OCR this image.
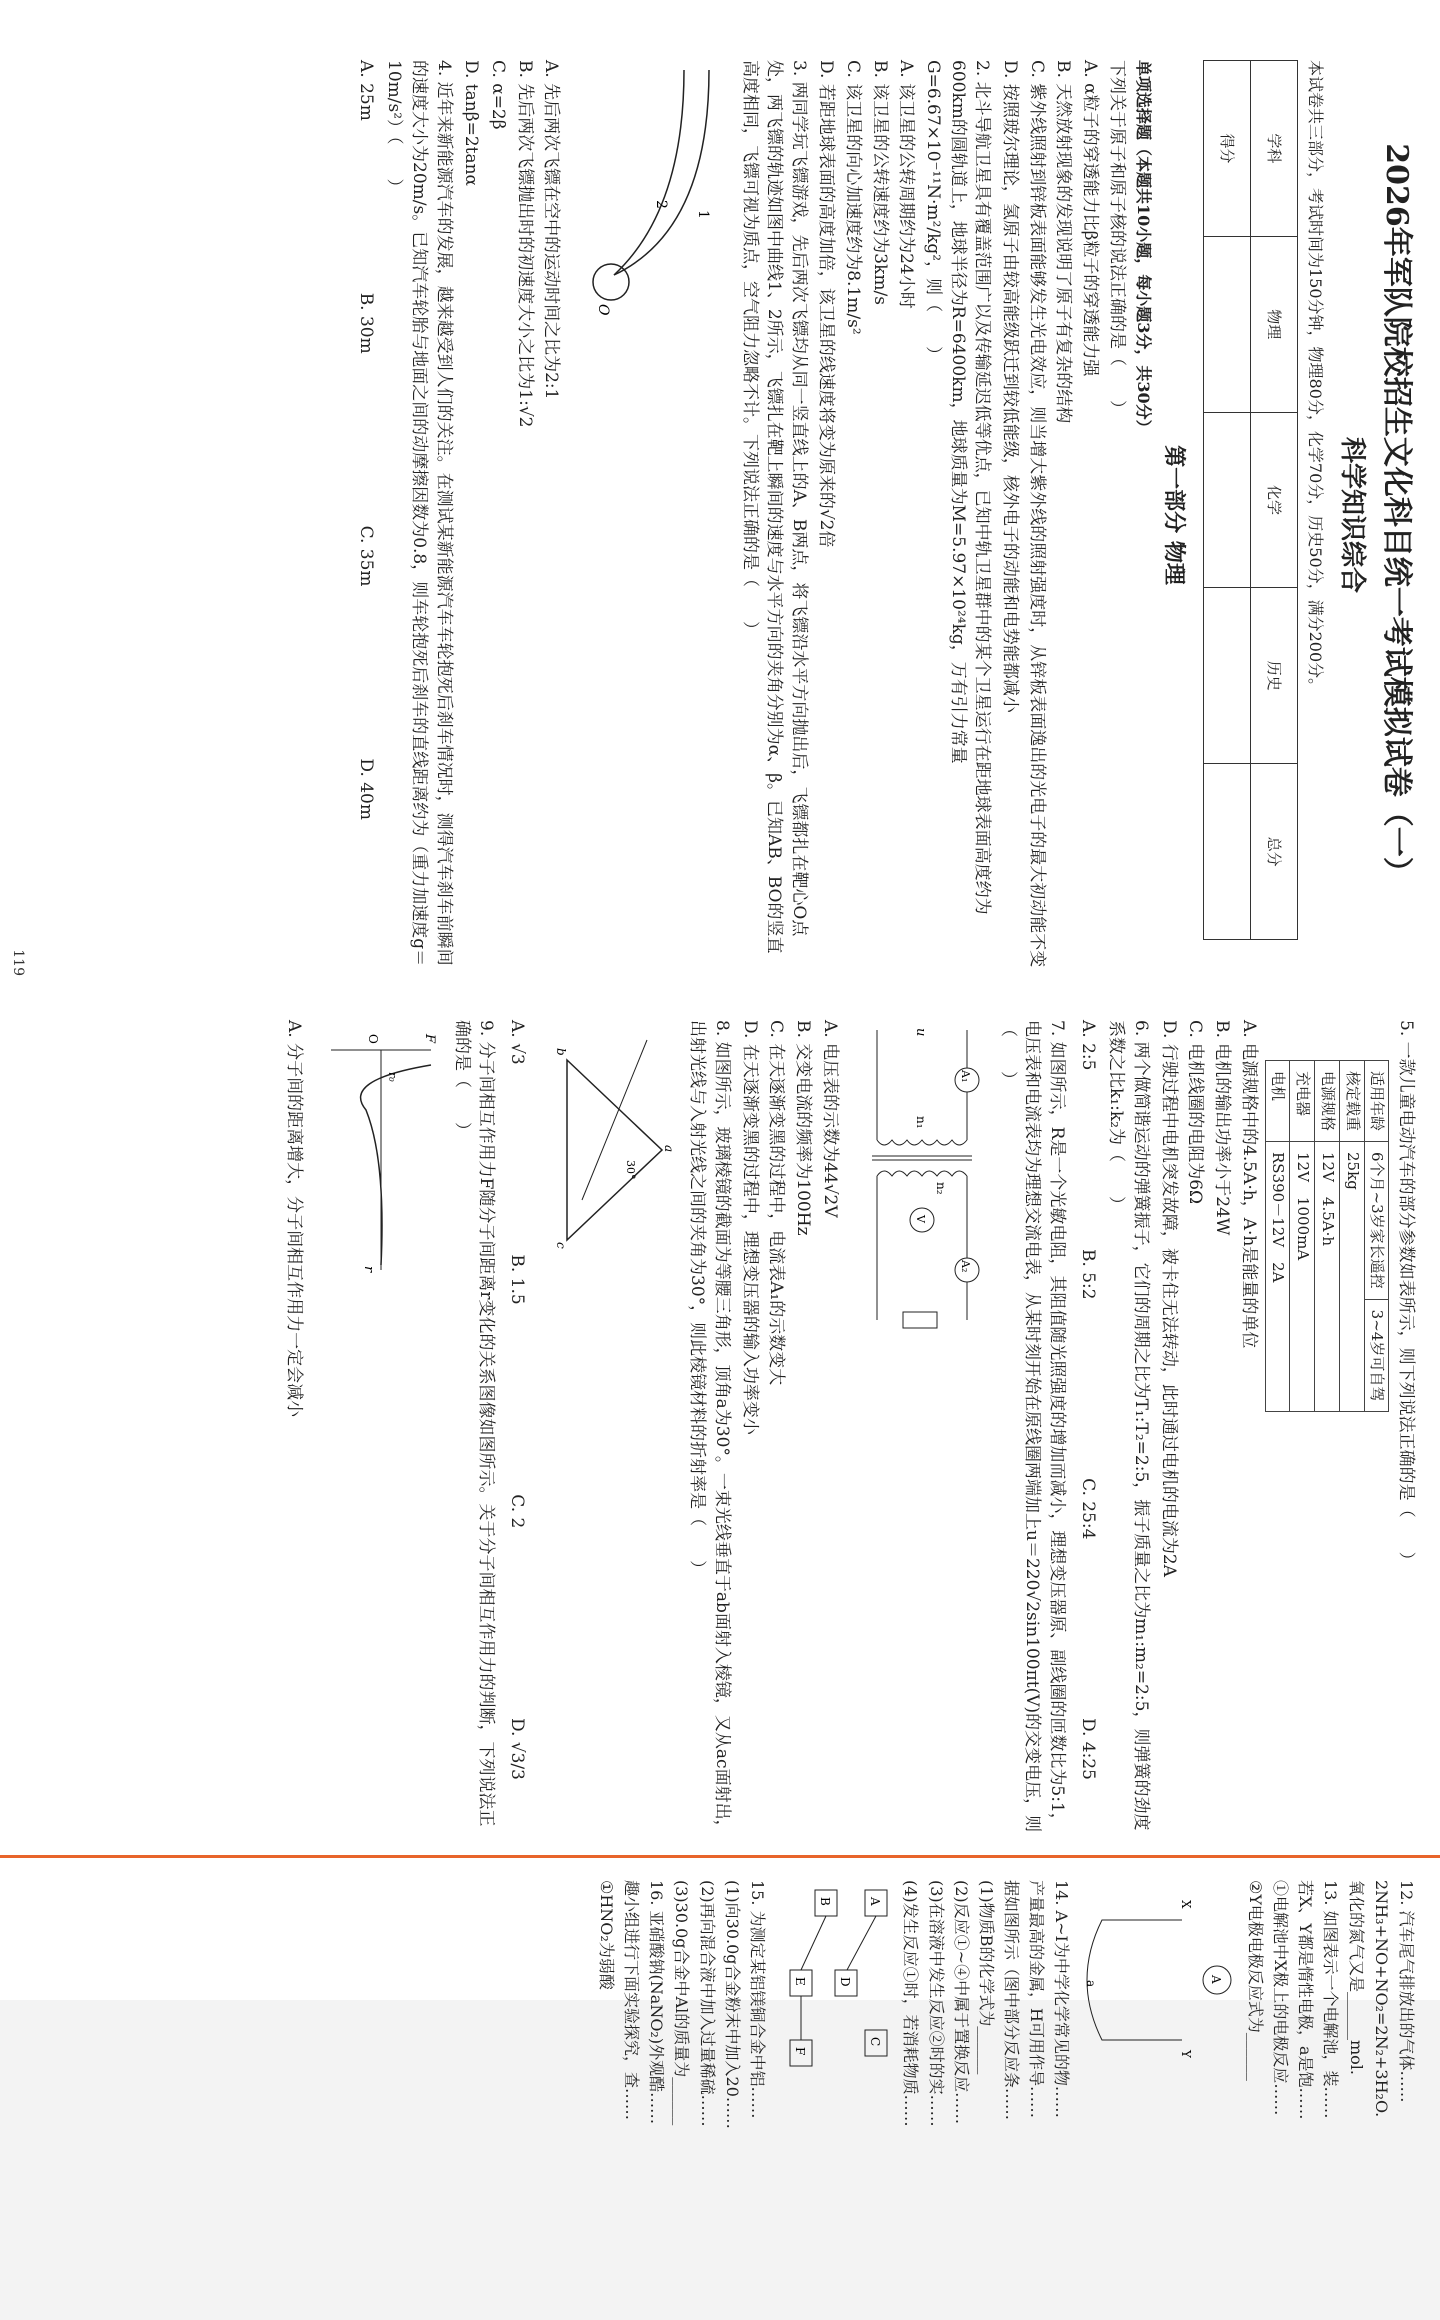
2026年军队院校招生文化科目统一考试模拟试卷（一）
科学知识综合
本试卷共三部分，考试时间为150分钟，物理80分，化学70分，历史50分，满分200分。
学科	物理	化学	历史	总分
得分				
第一部分 物理
单项选择题（本题共10小题，每小题3分，共30分）

下列关于原子和原子核的说法正确的是（　　）

A. α粒子的穿透能力比β粒子的穿透能力强

B. 天然放射现象的发现说明了原子有复杂的结构

C. 紫外线照射到锌板表面能够发生光电效应，则当增大紫外线的照射强度时，从锌板表面逸出的光电子的最大初动能不变

D. 按照玻尔理论，氢原子由较高能级跃迁到较低能级，核外电子的动能和电势能都减小

2. 北斗导航卫星具有覆盖范围广以及传输延迟低等优点，已知中轨卫星群中的某个卫星运行在距地球表面高度约为600km的圆轨道上，地球半径为R=6400km，地球质量为M=5.97×10²⁴kg，万有引力常量G=6.67×10⁻¹¹N·m²/kg²，则（　　）

A. 该卫星的公转周期约为24小时

B. 该卫星的公转速度约为3km/s

C. 该卫星的向心加速度约为8.1m/s²

D. 若距地球表面的高度加倍，该卫星的线速度将变为原来的√2倍

3. 两同学玩飞镖游戏，先后两次飞镖均从同一竖直线上的A、B两点，将飞镖沿水平方向抛出后，飞镖都扎在靶心O点处，两飞镖的轨迹如图中曲线1、2所示，飞镖扎在靶上瞬间的速度与水平方向的夹角分别为α、β。已知AB、BO的竖直高度相同，飞镖可视为质点，空气阻力忽略不计。下列说法正确的是（　　）

1
2
O

A. 先后两次飞镖在空中的运动时间之比为2:1

B. 先后两次飞镖抛出时的初速度大小之比为1:√2

C. α=2β

D. tanβ=2tanα

4. 近年来新能源汽车的发展，越来越受到人们的关注。在测试某新能源汽车车轮抱死后刹车情况时，测得汽车刹车前瞬间的速度大小为20m/s。已知汽车轮胎与地面之间的动摩擦因数为0.8，则车轮抱死后刹车的直线距离约为（重力加速度g＝10m/s²）（　　）

A. 25m
B. 30m
C. 35m
D. 40m
119

5. 一款儿童电动汽车的部分参数如表所示，则下列说法正确的是（　　）

适用年龄	6个月~3岁家长遥控	3~4岁可自驾
核定载重	25kg	
电源规格	12V　4.5A·h	
充电器	12V　1000mA	
电机	RS390－12V　2A	

A. 电源规格中的4.5A·h，A·h是能量的单位

B. 电机的输出功率小于24W

C. 电机线圈的电阻为6Ω

D. 行驶过程中电机突发故障，被卡住无法转动，此时通过电机的电流为2A

6. 两个做简谐运动的弹簧振子，它们的周期之比为T₁:T₂=2:5，振子质量之比为m₁:m₂=2:5，则弹簧的劲度系数之比k₁:k₂为（　　）

A. 2:5
B. 5:2
C. 25:4
D. 4:25

7. 如图所示，R是一个光敏电阻，其阻值随光照强度的增加而减小，理想变压器原、副线圈的匝数比为5:1，电压表和电流表均为理想交流电表，从某时刻开始在原线圈两端加上u＝220√2sin100πt(V)的交变电压，则（　　）

A₁
u
n₁
n₂
V
A₂

A. 电压表的示数为44√2V

B. 交变电流的频率为100Hz

C. 在天逐渐变黑的过程中，电流表A₁的示数变大

D. 在天逐渐变黑的过程中，理想变压器的输入功率变小

8. 如图所示，玻璃棱镜的截面为等腰三角形，顶角a为30°。一束光线垂直于ab面射入棱镜，又从ac面射出，出射光线与入射光线之间的夹角为30°，则此棱镜材料的折射率是（　　）

a
b
c
30°
A. √3
B. 1.5
C. 2
D. √3/3

9. 分子间相互作用力F随分子间距离r变化的关系图像如图所示。关于分子间相互作用力的判断，下列说法正确的是（　　）

F
O
r₀
r

A. 分子间的距离增大，分子间相互作用力一定会减小

12. 汽车尾气排放出的气体……

2NH₃+NO+NO₂=2N₂+3H₂O.

氧化的氮气又是______mol.

13. 如图表示一个电解池，装……

若X、Y都是惰性电极，a是饱……

①电解池中X极上的电极反应……

②Y电极电极反应式为______

A
X
Y
a

14. A~I为中学化学常见的物……

产量最高的金属，H可用作导……

据如图所示（图中部分反应条……

(1)物质B的化学式为______

(2)反应①~④中属于置换反应……

(3)在溶液中发生反应②时的实……

(4)发生反应①时，若消耗物质……

A
B
C
D
E
F

15. 为测定某铝镁铜合金中铝……

(1)向30.0g合金粉末中加入20……

(2)再向混合液中加入过量稀硫……

(3)30.0g合金中Al的质量为______

16. 亚硝酸钠(NaNO₂)外观酷……

趣小组进行下面实验探究，查……

①HNO₂为弱酸
